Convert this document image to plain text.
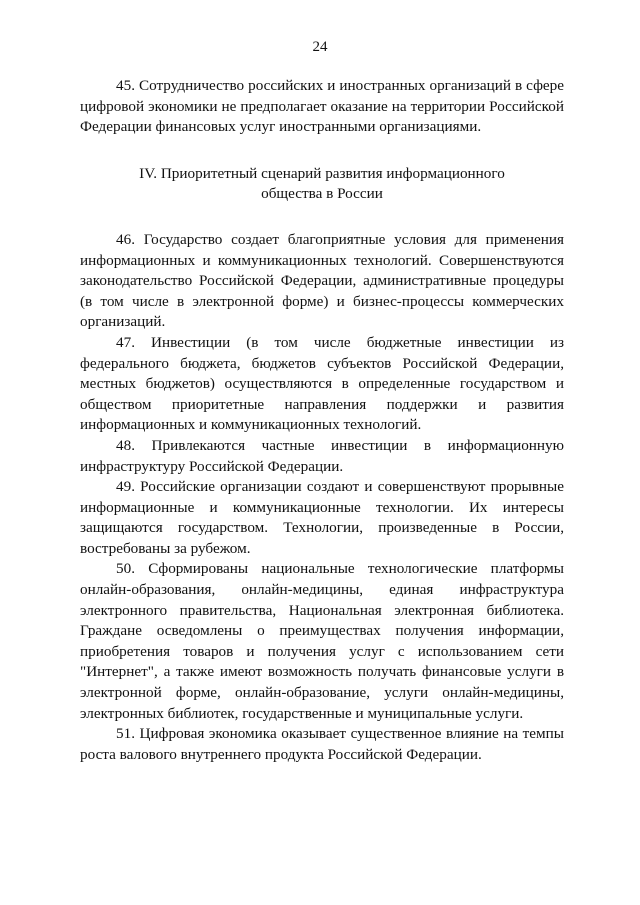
24

45. Сотрудничество российских и иностранных организаций в сфере цифровой экономики не предполагает оказание на территории Российской Федерации финансовых услуг иностранными организациями.

IV. Приоритетный сценарий развития информационного общества в России

46. Государство создает благоприятные условия для применения информационных и коммуникационных технологий. Совершенствуются законодательство Российской Федерации, административные процедуры (в том числе в электронной форме) и бизнес-процессы коммерческих организаций.

47. Инвестиции (в том числе бюджетные инвестиции из федерального бюджета, бюджетов субъектов Российской Федерации, местных бюджетов) осуществляются в определенные государством и обществом приоритетные направления поддержки и развития информационных и коммуникационных технологий.

48. Привлекаются частные инвестиции в информационную инфраструктуру Российской Федерации.

49. Российские организации создают и совершенствуют прорывные информационные и коммуникационные технологии. Их интересы защищаются государством. Технологии, произведенные в России, востребованы за рубежом.

50. Сформированы национальные технологические платформы онлайн-образования, онлайн-медицины, единая инфраструктура электронного правительства, Национальная электронная библиотека. Граждане осведомлены о преимуществах получения информации, приобретения товаров и получения услуг с использованием сети "Интернет", а также имеют возможность получать финансовые услуги в электронной форме, онлайн-образование, услуги онлайн-медицины, электронных библиотек, государственные и муниципальные услуги.

51. Цифровая экономика оказывает существенное влияние на темпы роста валового внутреннего продукта Российской Федерации.
